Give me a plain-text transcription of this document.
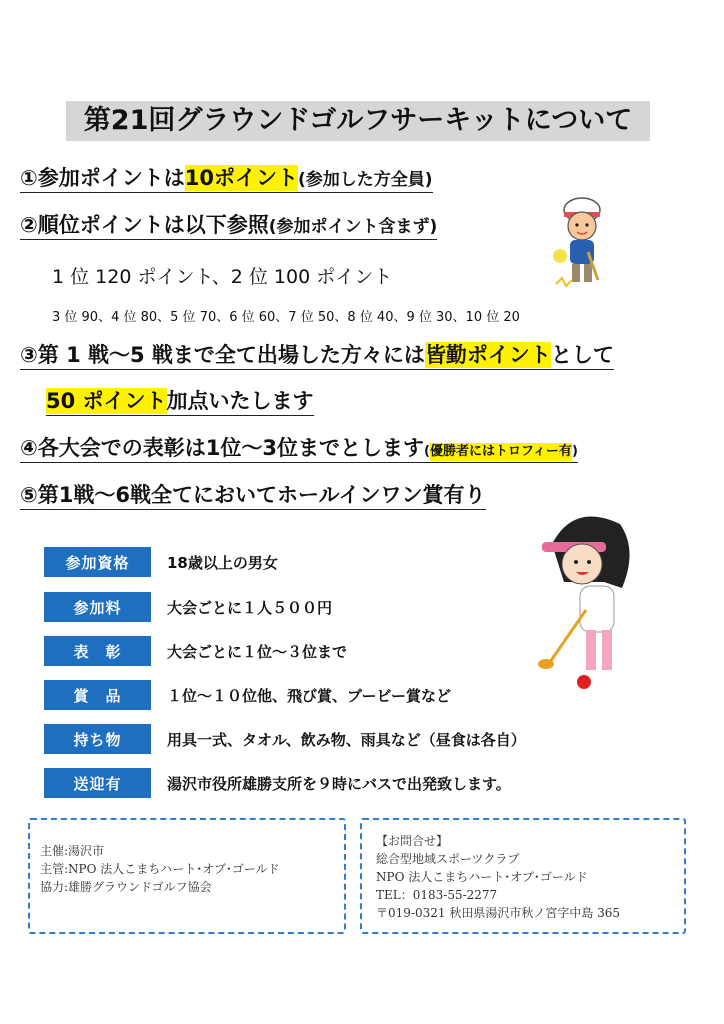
第21回グラウンドゴルフサーキットについて
①参加ポイントは 10ポイント (参加した方全員)
②順位ポイントは以下参照 (参加ポイント含まず)
1 位 120 ポイント、2 位 100 ポイント
3 位 90、4 位 80、5 位 70、6 位 60、7 位 50、8 位 40、9 位 30、10 位 20
③第 1 戦～5 戦まで全て出場した方々には 皆勤ポイント として
50 ポイント 加点いたします
④各大会での表彰は1位～3位までとします ( 優勝者にはトロフィー有 )
⑤第1戦～6戦全てにおいてホールインワン賞有り
参加資格	18歳以上の男女
参加料	大会ごとに１人５００円
表　彰	大会ごとに１位～３位まで
賞　品	１位～１０位他、飛び賞、ブービー賞など
持ち物	用具一式、タオル、飲み物、雨具など（昼食は各自）
送迎有	湯沢市役所雄勝支所を９時にバスで出発致します。
主催:湯沢市
主管:NPO 法人こまちハート･オブ･ゴールド
協力:雄勝グラウンドゴルフ協会
【お問合せ】
総合型地域スポーツクラブ
NPO 法人こまちハート･オブ･ゴールド
TEL：0183-55-2277
〒019-0321 秋田県湯沢市秋ノ宮字中島 365
